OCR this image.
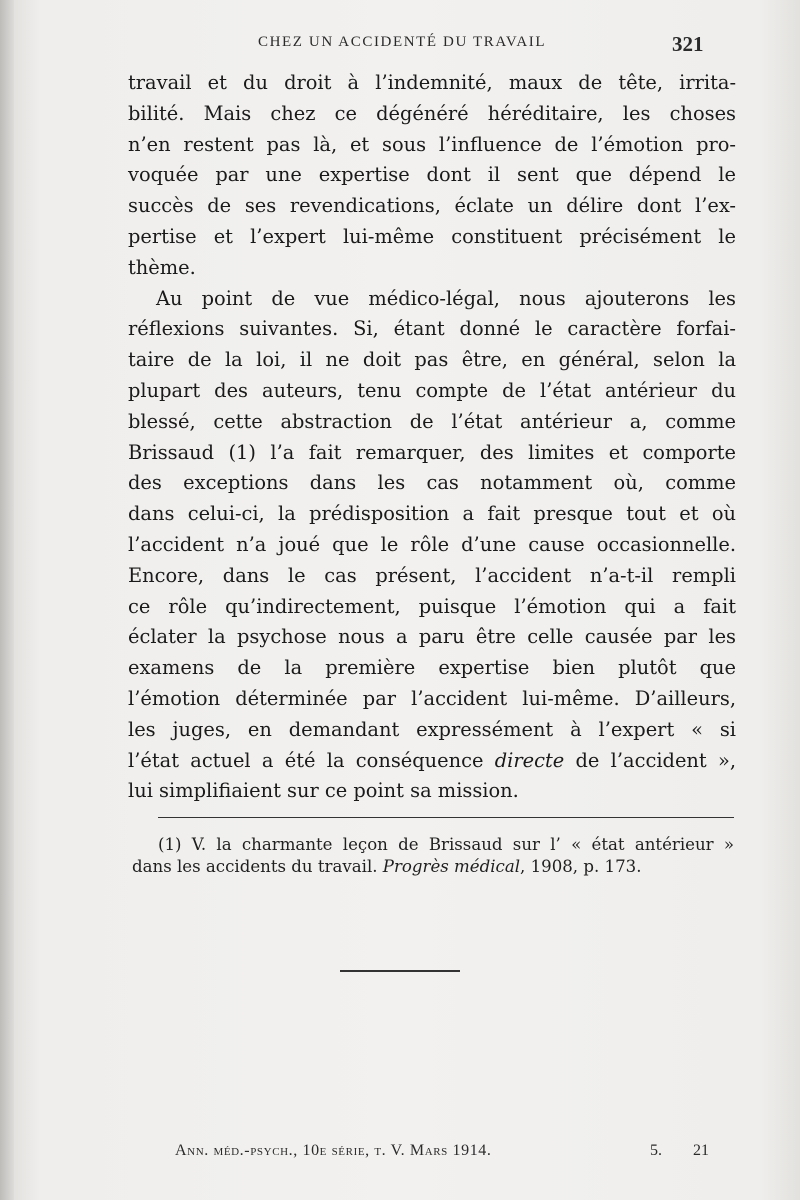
CHEZ UN ACCIDENTÉ DU TRAVAIL	321
travail et du droit à l’indemnité, maux de tête, irrita-
bilité. Mais chez ce dégénéré héréditaire, les choses
n’en restent pas là, et sous l’influence de l’émotion pro-
voquée par une expertise dont il sent que dépend le
succès de ses revendications, éclate un délire dont l’ex-
pertise et l’expert lui-même constituent précisément le
thème.
Au point de vue médico-légal, nous ajouterons les
réflexions suivantes. Si, étant donné le caractère forfai-
taire de la loi, il ne doit pas être, en général, selon la
plupart des auteurs, tenu compte de l’état antérieur du
blessé, cette abstraction de l’état antérieur a, comme
Brissaud (1) l’a fait remarquer, des limites et comporte
des exceptions dans les cas notamment où, comme
dans celui-ci, la prédisposition a fait presque tout et où
l’accident n’a joué que le rôle d’une cause occasionnelle.
Encore, dans le cas présent, l’accident n’a-t-il rempli
ce rôle qu’indirectement, puisque l’émotion qui a fait
éclater la psychose nous a paru être celle causée par les
examens de la première expertise bien plutôt que
l’émotion déterminée par l’accident lui-même. D’ailleurs,
les juges, en demandant expressément à l’expert « si
l’état actuel a été la conséquence directe de l’accident »,
lui simplifiaient sur ce point sa mission.
(1) V. la charmante leçon de Brissaud sur l’ « état antérieur »
dans les accidents du travail. Progrès médical, 1908, p. 173.
Ann. méd.-psych., 10e série, t. V. Mars 1914.	5. 21
